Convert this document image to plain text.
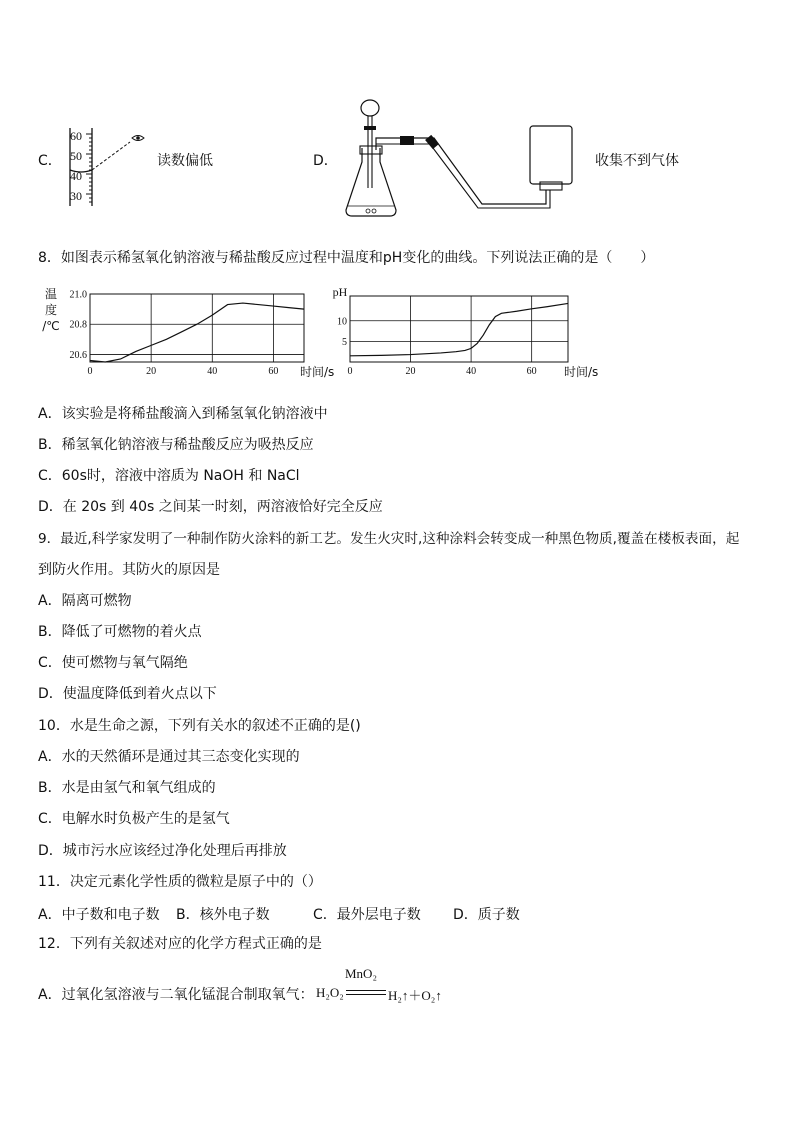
C．
60
50
40
30
读数偏低	D．	收集不到气体
8．如图表示稀氢氧化钠溶液与稀盐酸反应过程中温度和pH变化的曲线。下列说法正确的是（　　）
0	20	40	60
20.6
20.8
21.0
时间/s
温
度
/℃
0	20	40	60
5
10
时间/s
pH
A．该实验是将稀盐酸滴入到稀氢氧化钠溶液中
B．稀氢氧化钠溶液与稀盐酸反应为吸热反应
C．60s时，溶液中溶质为 NaOH 和 NaCl
D．在 20s 到 40s 之间某一时刻，两溶液恰好完全反应
9．最近,科学家发明了一种制作防火涂料的新工艺。发生火灾时,这种涂料会转变成一种黑色物质,覆盖在楼板表面，起
到防火作用。其防火的原因是
A．隔离可燃物
B．降低了可燃物的着火点
C．使可燃物与氧气隔绝
D．使温度降低到着火点以下
10．水是生命之源，下列有关水的叙述不正确的是()
A．水的天然循环是通过其三态变化实现的
B．水是由氢气和氧气组成的
C．电解水时负极产生的是氢气
D．城市污水应该经过净化处理后再排放
11．决定元素化学性质的微粒是原子中的（）
A．中子数和电子数 B．核外电子数	C．最外层电子数 D．质子数
12．下列有关叙述对应的化学方程式正确的是
A．过氧化氢溶液与二氧化锰混合制取氧气： H₂O₂
MnO₂
H₂↑＋O₂↑
